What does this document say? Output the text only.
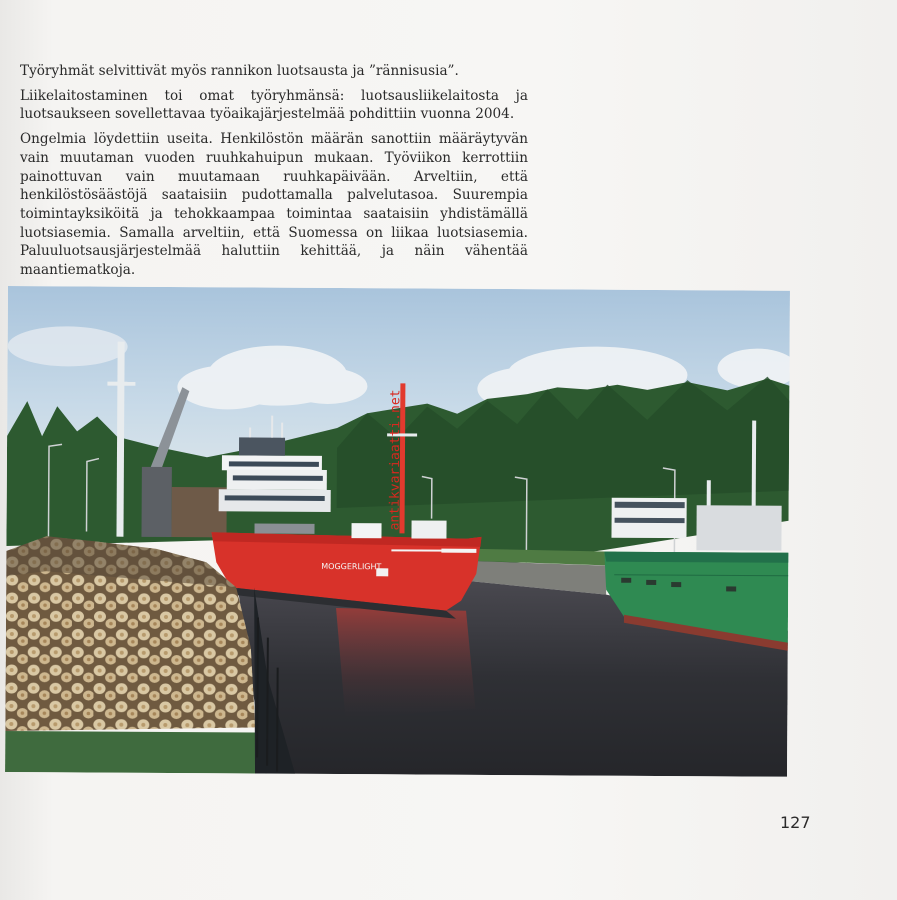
Työryhmät selvittivät myös rannikon luotsausta ja ”rännisusia”.

Liikelaitostaminen toi omat työryhmänsä: luotsausliikelaitosta ja luotsaukseen sovellettavaa työaikajärjestelmää pohdittiin vuonna 2004.

Ongelmia löydettiin useita. Henkilöstön määrän sanottiin määräytyvän vain muutaman vuoden ruuhkahuipun mukaan. Työviikon kerrottiin painottuvan vain muutamaan ruuhkapäivään. Arveltiin, että henkilöstösäästöjä saataisiin pudottamalla palvelutasoa. Suurempia toimintayksiköitä ja tehokkaampaa toimintaa saataisiin yhdistämällä luotsiasemia. Samalla arveltiin, että Suomessa on liikaa luotsiasemia. Paluuluotsausjärjestelmää haluttiin kehittää, ja näin vähentää maantiematkoja.

MOGGERLIGHT
antikvariaatti.net
127
